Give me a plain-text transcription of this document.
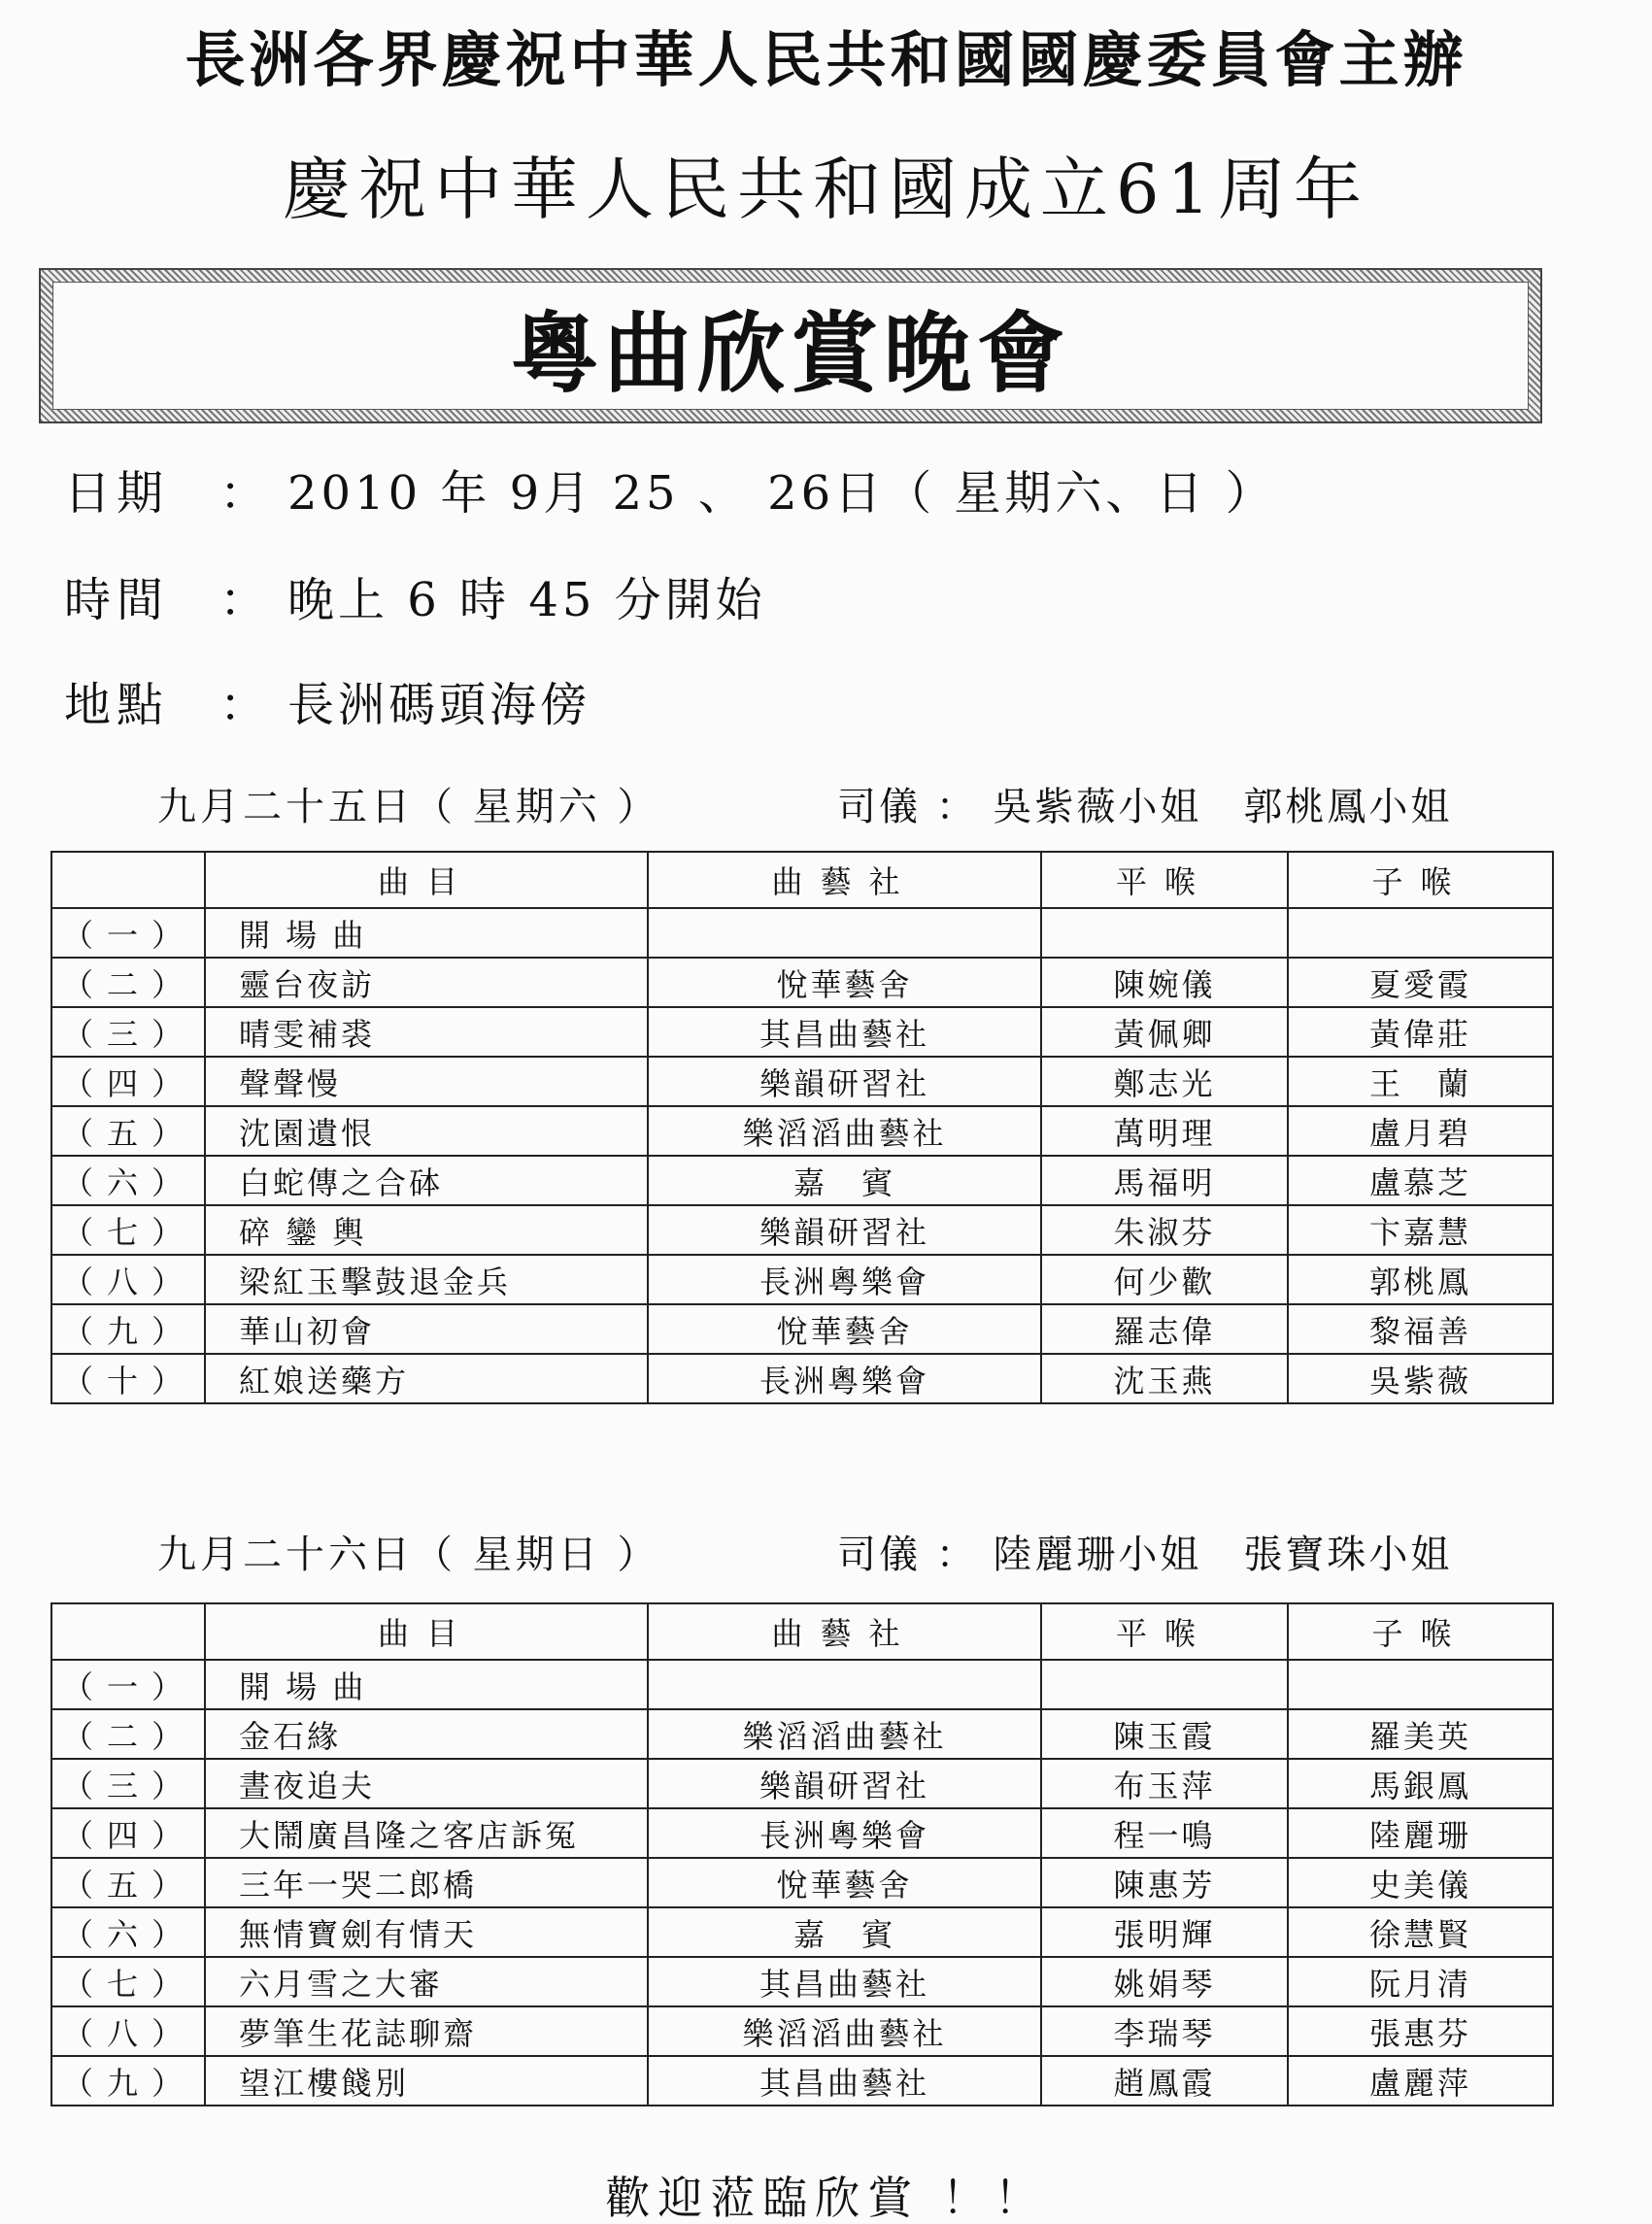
長洲各界慶祝中華人民共和國國慶委員會主辦
慶祝中華人民共和國成立61周年
粵曲欣賞晚會
日期	： 2010 年 9月 25 、 26日（ 星期六、日 ）
時間	： 晚上 6 時 45 分開始
地點	： 長洲碼頭海傍
九月二十五日（ 星期六 ）	司儀 ： 吳紫薇小姐　郭桃鳳小姐
	曲目	曲藝社	平喉	子喉
（一）	開 場 曲			
（二）	靈台夜訪	悅華藝舍	陳婉儀	夏愛霞
（三）	晴雯補裘	其昌曲藝社	黃佩卿	黃偉莊
（四）	聲聲慢	樂韻研習社	鄭志光	王　蘭
（五）	沈園遺恨	樂滔滔曲藝社	萬明理	盧月碧
（六）	白蛇傳之合砵	嘉　賓	馬福明	盧慕芝
（七）	碎 鑾 輿	樂韻研習社	朱淑芬	卞嘉慧
（八）	梁紅玉擊鼓退金兵	長洲粵樂會	何少歡	郭桃鳳
（九）	華山初會	悅華藝舍	羅志偉	黎福善
（十）	紅娘送藥方	長洲粵樂會	沈玉燕	吳紫薇
九月二十六日（ 星期日 ）	司儀 ： 陸麗珊小姐　張寶珠小姐
	曲目	曲藝社	平喉	子喉
（一）	開 場 曲			
（二）	金石緣	樂滔滔曲藝社	陳玉霞	羅美英
（三）	晝夜追夫	樂韻研習社	布玉萍	馬銀鳳
（四）	大鬧廣昌隆之客店訴冤	長洲粵樂會	程一鳴	陸麗珊
（五）	三年一哭二郎橋	悅華藝舍	陳惠芳	史美儀
（六）	無情寶劍有情天	嘉　賓	張明輝	徐慧賢
（七）	六月雪之大審	其昌曲藝社	姚娟琴	阮月清
（八）	夢筆生花誌聊齋	樂滔滔曲藝社	李瑞琴	張惠芬
（九）	望江樓餞別	其昌曲藝社	趙鳳霞	盧麗萍
歡迎蒞臨欣賞 ！！
